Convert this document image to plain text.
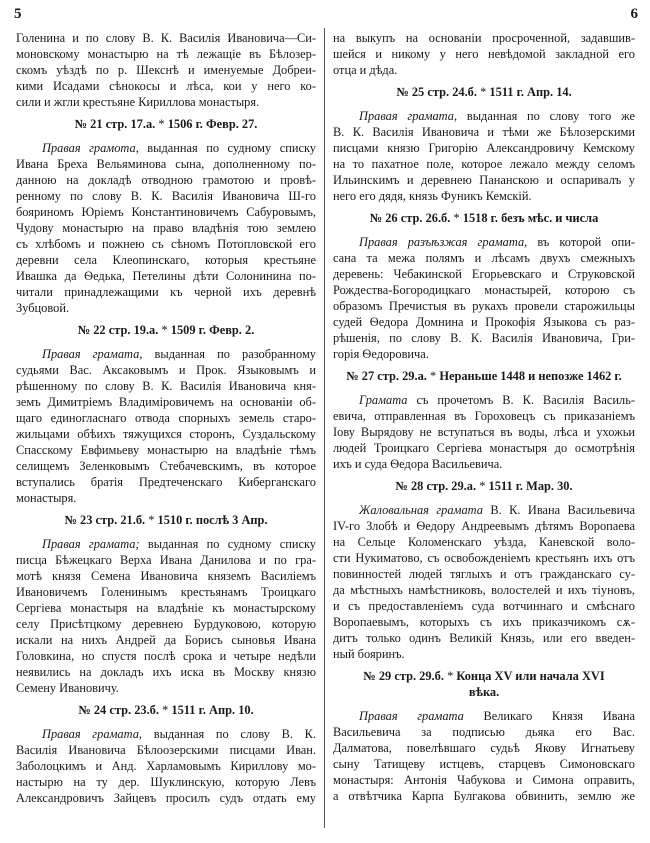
5	6
Голенина и по слову В. К. Василія Ивановича—Си-
моновскому монастырю на тѣ лежащіе въ Бѣлозер-
скомъ уѣздѣ по р. Шекснѣ и именуемые Добреи-
кими Исадами сѣнокосы и лѣса, кои у него ко-
сили и жгли крестьяне Кириллова монастыря.
№ 21 стр. 17.а. * 1506 г. Февр. 27.
Правая грамота, выданная по судному списку
Ивана Бреха Вельяминова сына, дополненному по-
данною на докладѣ отводною грамотою и провѣ-
ренному по слову В. К. Василія Ивановича Ш-го
бояриномъ Юріемъ Константиновичемъ Сабуровымъ,
Чудову монастырю на право владѣнія тою землею
съ хлѣбомъ и пожнею съ сѣномъ Потопловской его
деревни села Клеопинскаго, которыя крестьяне
Ивашка да Ѳедька, Петелины дѣти Солонинина по-
читали принадлежащими къ черной ихъ деревнѣ
Зубцовой.
№ 22 стр. 19.а. * 1509 г. Февр. 2.
Правая грамата, выданная по разобранному
судьями Вас. Аксаковымъ и Прок. Языковымъ и
рѣшенному по слову В. К. Василія Ивановича кня-
земъ Димитріемъ Владиміровичемъ на основаніи об-
щаго единогласнаго отвода спорныхъ земель старо-
жильцами обѣихъ тяжущихся сторонъ, Суздальскому
Спасскому Евфимьеву монастырю на владѣніе тѣмъ
селищемъ Зеленковымъ Стебачевскимъ, въ которое
вступались братія Предтеченскаго Киберганскаго
монастыря.
№ 23 стр. 21.б. * 1510 г. послѣ 3 Апр.
Правая грамата; выданная по судному списку
писца Бѣжецкаго Верха Ивана Данилова и по гра-
мотѣ князя Семена Ивановича княземъ Василіемъ
Ивановичемъ Голенинымъ крестьянамъ Троицкаго
Сергіева монастыря на владѣніе къ монастырскому
селу Присѣтцкому деревнею Бурдуковою, которую
искали на нихъ Андрей да Борисъ сыновья Ивана
Головкина, но спустя послѣ срока и четыре недѣли
неявились на докладъ ихъ иска въ Москву князю
Семену Ивановичу.
№ 24 стр. 23.б. * 1511 г. Апр. 10.
Правая грамата, выданная по слову В. К.
Василія Ивановича Бѣлоозерскими писцами Иван.
Заболоцкимъ и Анд. Харламовымъ Кириллову мо-
настырю на ту дер. Шуклинскую, которую Левъ
Александровичъ Зайцевъ просилъ судъ отдать ему
на выкупъ на основаніи просроченной, задавшив-
шейся и никому у него невѣдомой закладной его
отца и дѣда.
№ 25 стр. 24.б. * 1511 г. Апр. 14.
Правая грамата, выданная по слову того же
В. К. Василія Ивановича и тѣми же Бѣлозерскими
писцами князю Григорію Александровичу Кемскому
на то пахатное поле, которое лежало между селомъ
Ильинскимъ и деревнею Пананскою и оспаривалъ у
него его дядя, князь Фуникъ Кемскій.
№ 26 стр. 26.б. * 1518 г. безъ мѣс. и числа
Правая разъѣзжая грамата, въ которой опи-
сана та межа полямъ и лѣсамъ двухъ смежныхъ
деревень: Чебакинской Егорьевскаго и Струковской
Рождества-Богородицкаго монастырей, которою съ
образомъ Пречистыя въ рукахъ провели старожильцы
судей Ѳедора Домнина и Прокофія Языкова съ раз-
рѣшенія, по слову В. К. Василія Ивановича, Гри-
горія Ѳедоровича.
№ 27 стр. 29.а. * Нераньше 1448 и непозже 1462 г.
Грамата съ прочетомъ В. К. Василія Василь-
евича, отправленная въ Гороховецъ съ приказаніемъ
Іову Вырядову не вступаться въ воды, лѣса и ухожьи
людей Троицкаго Сергіева монастыря до осмотрѣнія
ихъ и суда Ѳедора Васильевича.
№ 28 стр. 29.а. * 1511 г. Мар. 30.
Жаловальная грамата В. К. Ивана Васильевича
IV-го Злобѣ и Ѳедору Андреевымъ дѣтямъ Воропаева
на Сельце Коломенскаго уѣзда, Каневской воло-
сти Нукиматово, съ освобожденіемъ крестьянъ ихъ отъ
повинностей людей тяглыхъ и отъ гражданскаго су-
да мѣстныхъ намѣстниковъ, волостелей и ихъ тіуновъ,
и съ предоставленіемъ суда вотчиннаго и смѣснаго
Воропаевымъ, которыхъ съ ихъ приказчикомъ сѫ-
дитъ только одинъ Великій Князь, или его введен-
ный бояринъ.
№ 29 стр. 29.б. * Конца XV или начала XVI
вѣка.
Правая грамата Великаго Князя Ивана
Васильевича за подписью дьяка его Вас.
Далматова, повелѣвшаго судьѣ Якову Игнатьеву
сыну Татищеву истцевъ, старцевъ Симоновскаго
монастыря: Антонія Чабукова и Симона оправить,
а отвѣтчика Карпа Булгакова обвинить, землю же
